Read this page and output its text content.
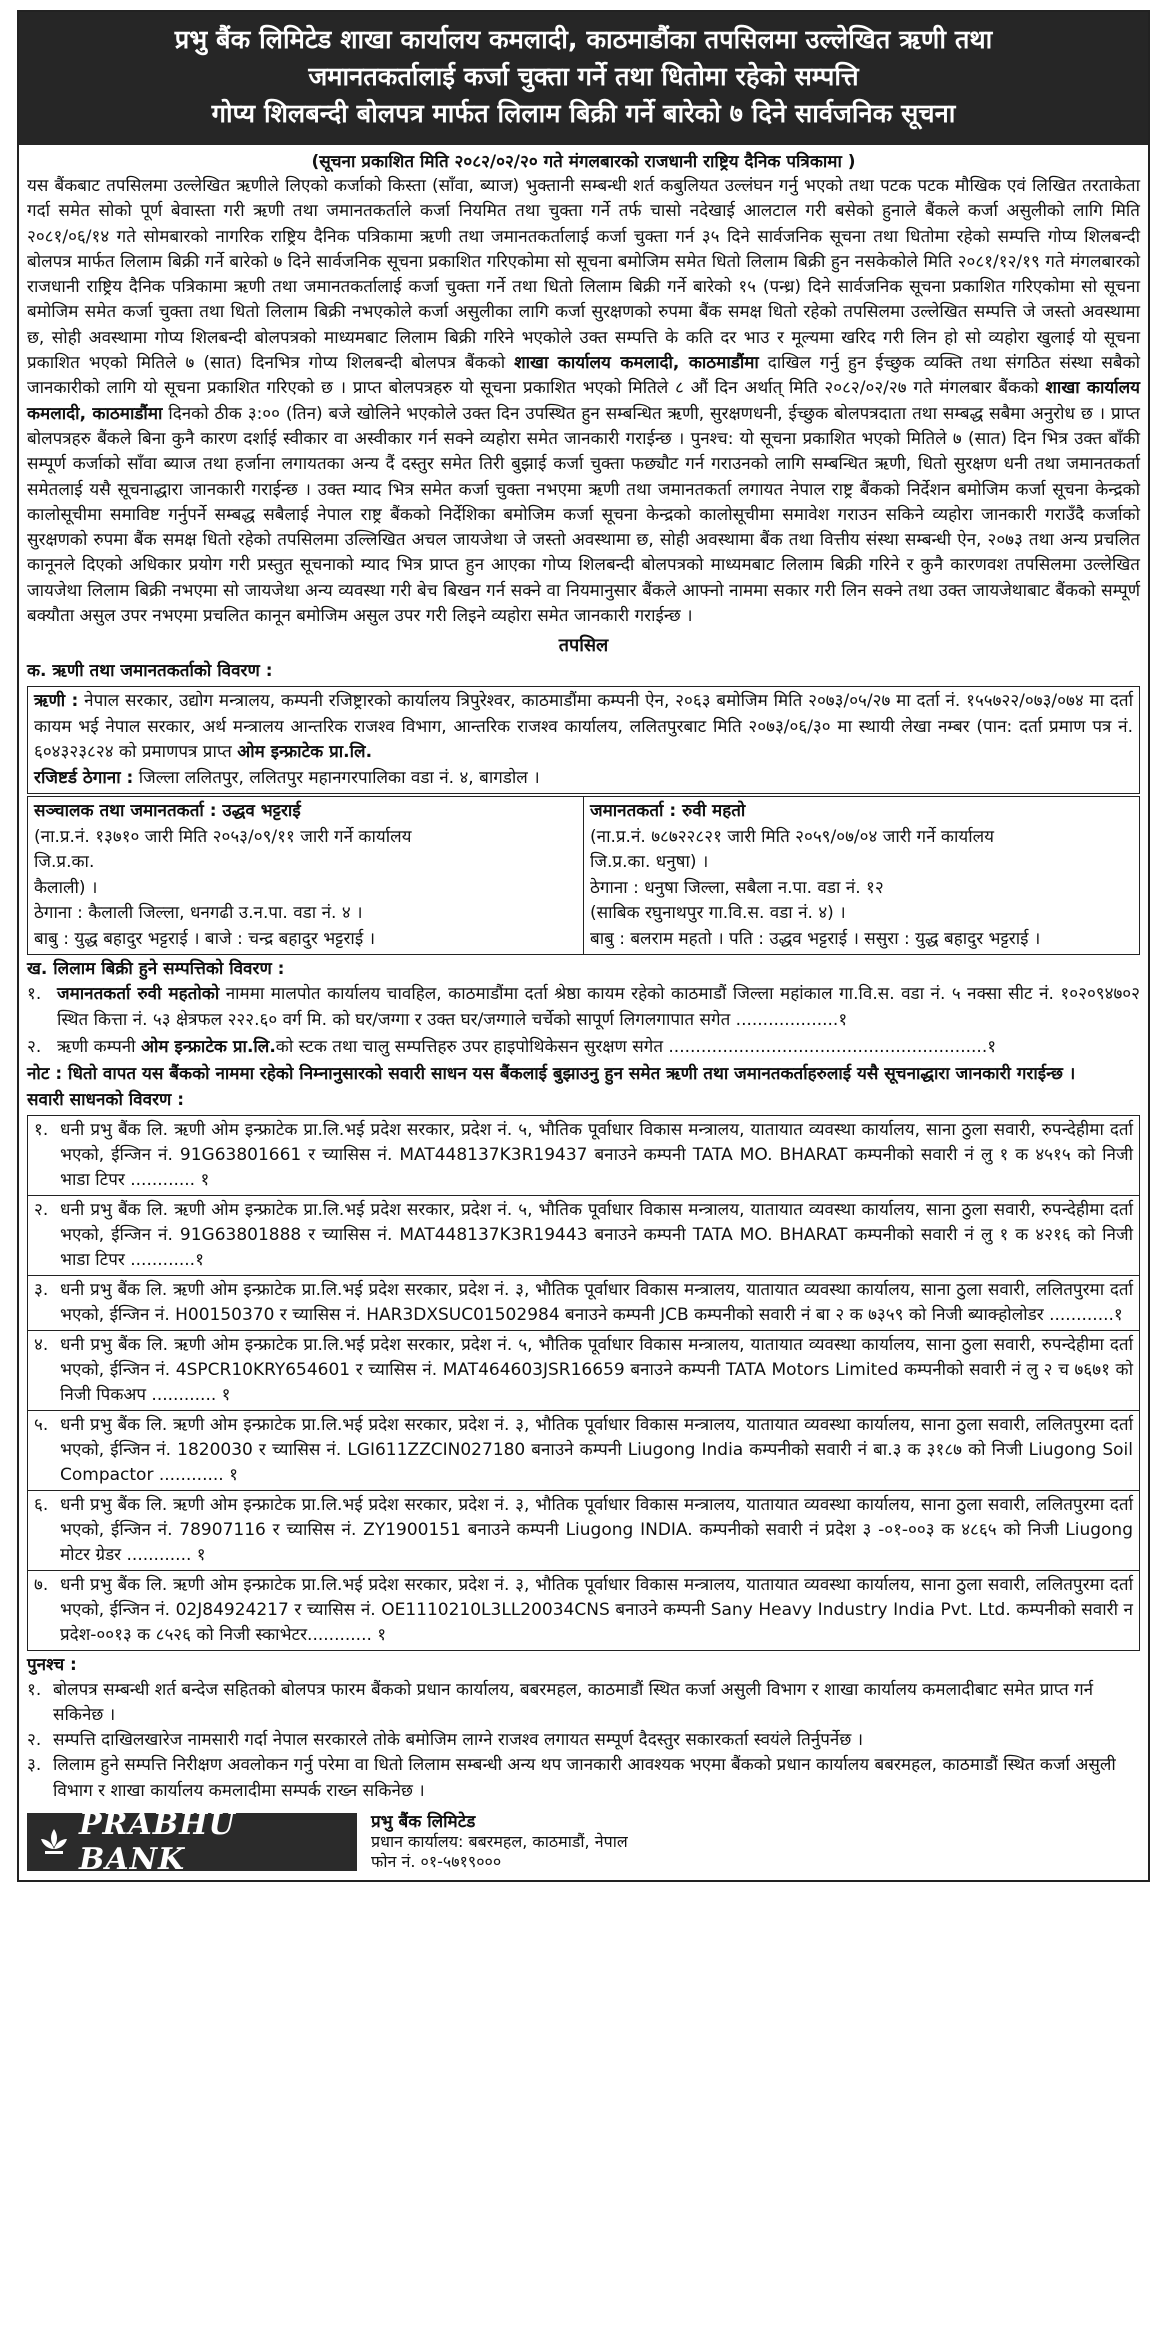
प्रभु बैंक लिमिटेड शाखा कार्यालय कमलादी, काठमाडौंका तपसिलमा उल्लेखित ऋणी तथा
जमानतकर्तालाई कर्जा चुक्ता गर्ने तथा धितोमा रहेको सम्पत्ति
गोप्य शिलबन्दी बोलपत्र मार्फत लिलाम बिक्री गर्ने बारेको ७ दिने सार्वजनिक सूचना
(सूचना प्रकाशित मिति २०८२/०२/२० गते मंगलबारको राजधानी राष्ट्रिय दैनिक पत्रिकामा )
यस बैंकबाट तपसिलमा उल्लेखित ऋणीले लिएको कर्जाको किस्ता (साँवा, ब्याज) भुक्तानी सम्बन्धी शर्त कबुलियत उल्लंघन गर्नु भएको तथा पटक पटक मौखिक एवं लिखित तरताकेता गर्दा समेत सोको पूर्ण बेवास्ता गरी ऋणी तथा जमानतकर्ताले कर्जा नियमित तथा चुक्ता गर्ने तर्फ चासो नदेखाई आलटाल गरी बसेको हुनाले बैंकले कर्जा असुलीको लागि मिति २०८१/०६/१४ गते सोमबारको नागरिक राष्ट्रिय दैनिक पत्रिकामा ऋणी तथा जमानतकर्तालाई कर्जा चुक्ता गर्न ३५ दिने सार्वजनिक सूचना तथा धितोमा रहेको सम्पत्ति गोप्य शिलबन्दी बोलपत्र मार्फत लिलाम बिक्री गर्ने बारेको ७ दिने सार्वजनिक सूचना प्रकाशित गरिएकोमा सो सूचना बमोजिम समेत धितो लिलाम बिक्री हुन नसकेकोले मिति २०८१/१२/१९ गते मंगलबारको राजधानी राष्ट्रिय दैनिक पत्रिकामा ऋणी तथा जमानतकर्तालाई कर्जा चुक्ता गर्ने तथा धितो लिलाम बिक्री गर्ने बारेको १५ (पन्ध्र) दिने सार्वजनिक सूचना प्रकाशित गरिएकोमा सो सूचना बमोजिम समेत कर्जा चुक्ता तथा धितो लिलाम बिक्री नभएकोले कर्जा असुलीका लागि कर्जा सुरक्षणको रुपमा बैंक समक्ष धितो रहेको तपसिलमा उल्लेखित सम्पत्ति जे जस्तो अवस्थामा छ, सोही अवस्थामा गोप्य शिलबन्दी बोलपत्रको माध्यमबाट लिलाम बिक्री गरिने भएकोले उक्त सम्पत्ति के कति दर भाउ र मूल्यमा खरिद गरी लिन हो सो व्यहोरा खुलाई यो सूचना प्रकाशित भएको मितिले ७ (सात) दिनभित्र गोप्य शिलबन्दी बोलपत्र बैंकको शाखा कार्यालय कमलादी, काठमाडौंमा दाखिल गर्नु हुन ईच्छुक व्यक्ति तथा संगठित संस्था सबैको जानकारीको लागि यो सूचना प्रकाशित गरिएको छ । प्राप्त बोलपत्रहरु यो सूचना प्रकाशित भएको मितिले ८ औं दिन अर्थात् मिति २०८२/०२/२७ गते मंगलबार बैंकको शाखा कार्यालय कमलादी, काठमाडौंमा दिनको ठीक ३:०० (तिन) बजे खोलिने भएकोले उक्त दिन उपस्थित हुन सम्बन्धित ऋणी, सुरक्षणधनी, ईच्छुक बोलपत्रदाता तथा सम्बद्ध सबैमा अनुरोध छ । प्राप्त बोलपत्रहरु बैंकले बिना कुनै कारण दर्शाई स्वीकार वा अस्वीकार गर्न सक्ने व्यहोरा समेत जानकारी गराईन्छ । पुनश्च: यो सूचना प्रकाशित भएको मितिले ७ (सात) दिन भित्र उक्त बाँकी सम्पूर्ण कर्जाको साँवा ब्याज तथा हर्जाना लगायतका अन्य दैं दस्तुर समेत तिरी बुझाई कर्जा चुक्ता फछ्यौट गर्न गराउनको लागि सम्बन्धित ऋणी, धितो सुरक्षण धनी तथा जमानतकर्ता समेतलाई यसै सूचनाद्धारा जानकारी गराईन्छ । उक्त म्याद भित्र समेत कर्जा चुक्ता नभएमा ऋणी तथा जमानतकर्ता लगायत नेपाल राष्ट्र बैंकको निर्देशन बमोजिम कर्जा सूचना केन्द्रको कालोसूचीमा समाविष्ट गर्नुपर्ने सम्बद्ध सबैलाई नेपाल राष्ट्र बैंकको निर्देशिका बमोजिम कर्जा सूचना केन्द्रको कालोसूचीमा समावेश गराउन सकिने व्यहोरा जानकारी गराउँदै कर्जाको सुरक्षणको रुपमा बैंक समक्ष धितो रहेको तपसिलमा उल्लिखित अचल जायजेथा जे जस्तो अवस्थामा छ, सोही अवस्थामा बैंक तथा वित्तीय संस्था सम्बन्धी ऐन, २०७३ तथा अन्य प्रचलित कानूनले दिएको अधिकार प्रयोग गरी प्रस्तुत सूचनाको म्याद भित्र प्राप्त हुन आएका गोप्य शिलबन्दी बोलपत्रको माध्यमबाट लिलाम बिक्री गरिने र कुनै कारणवश तपसिलमा उल्लेखित जायजेथा लिलाम बिक्री नभएमा सो जायजेथा अन्य व्यवस्था गरी बेच बिखन गर्न सक्ने वा नियमानुसार बैंकले आफ्नो नाममा सकार गरी लिन सक्ने तथा उक्त जायजेथाबाट बैंकको सम्पूर्ण बक्यौता असुल उपर नभएमा प्रचलित कानून बमोजिम असुल उपर गरी लिइने व्यहोरा समेत जानकारी गराईन्छ ।
तपसिल
क. ऋणी तथा जमानतकर्ताको विवरण :
ऋणी : नेपाल सरकार, उद्योग मन्त्रालय, कम्पनी रजिष्ट्रारको कार्यालय त्रिपुरेश्वर, काठमाडौंमा कम्पनी ऐन, २०६३ बमोजिम मिति २०७३/०५/२७ मा दर्ता नं. १५५७२२/०७३/०७४ मा दर्ता कायम भई नेपाल सरकार, अर्थ मन्त्रालय आन्तरिक राजश्व विभाग, आन्तरिक राजश्व कार्यालय, ललितपुरबाट मिति २०७३/०६/३० मा स्थायी लेखा नम्बर (पान: दर्ता प्रमाण पत्र नं. ६०४३२३८२४ को प्रमाणपत्र प्राप्त ओम इन्फ्राटेक प्रा.लि.
रजिष्टर्ड ठेगाना : जिल्ला ललितपुर, ललितपुर महानगरपालिका वडा नं. ४, बागडोल ।
सञ्चालक तथा जमानतकर्ता : उद्धव भट्टराई
(ना.प्र.नं. १३७१० जारी मिति २०५३/०९/११ जारी गर्ने कार्यालय
जि.प्र.का.
कैलाली) ।
ठेगाना : कैलाली जिल्ला, धनगढी उ.न.पा. वडा नं. ४ ।
बाबु : युद्ध बहादुर भट्टराई । बाजे : चन्द्र बहादुर भट्टराई ।
जमानतकर्ता : रुवी महतो
(ना.प्र.नं. ७८७२२८२१ जारी मिति २०५९/०७/०४ जारी गर्ने कार्यालय
जि.प्र.का. धनुषा) ।
ठेगाना : धनुषा जिल्ला, सबैला न.पा. वडा नं. १२
(साबिक रघुनाथपुर गा.वि.स. वडा नं. ४) ।
बाबु : बलराम महतो । पति : उद्धव भट्टराई । ससुरा : युद्ध बहादुर भट्टराई ।
ख. लिलाम बिक्री हुने सम्पत्तिको विवरण :
१. जमानतकर्ता रुवी महतोको नाममा मालपोत कार्यालय चावहिल, काठमाडौंमा दर्ता श्रेष्ठा कायम रहेको काठमाडौं जिल्ला महांकाल गा.वि.स. वडा नं. ५ नक्सा सीट नं. १०२०९४७०२ स्थित कित्ता नं. ५३ क्षेत्रफल २२२.६० वर्ग मि. को घर/जग्गा र उक्त घर/जग्गाले चर्चेको सापूर्ण लिगलगापात सगेत ...................१
२. ऋणी कम्पनी ओम इन्फ्राटेक प्रा.लि.को स्टक तथा चालु सम्पत्तिहरु उपर हाइपोथिकेसन सुरक्षण सगेत ...........................................................१
नोट : धितो वापत यस बैंकको नाममा रहेको निम्नानुसारको सवारी साधन यस बैंकलाई बुझाउनु हुन समेत ऋणी तथा जमानतकर्ताहरुलाई यसै सूचनाद्धारा जानकारी गराईन्छ ।
सवारी साधनको विवरण :
१. धनी प्रभु बैंक लि. ऋणी ओम इन्फ्राटेक प्रा.लि.भई प्रदेश सरकार, प्रदेश नं. ५, भौतिक पूर्वाधार विकास मन्त्रालय, यातायात व्यवस्था कार्यालय, साना ठुला सवारी, रुपन्देहीमा दर्ता भएको, ईन्जिन नं. 91G63801661 र च्यासिस नं. MAT448137K3R19437 बनाउने कम्पनी TATA MO. BHARAT कम्पनीको सवारी नं लु १ क ४५१५ को निजी भाडा टिपर ............ १
२. धनी प्रभु बैंक लि. ऋणी ओम इन्फ्राटेक प्रा.लि.भई प्रदेश सरकार, प्रदेश नं. ५, भौतिक पूर्वाधार विकास मन्त्रालय, यातायात व्यवस्था कार्यालय, साना ठुला सवारी, रुपन्देहीमा दर्ता भएको, ईन्जिन नं. 91G63801888 र च्यासिस नं. MAT448137K3R19443 बनाउने कम्पनी TATA MO. BHARAT कम्पनीको सवारी नं लु १ क ४२१६ को निजी भाडा टिपर ............१
३. धनी प्रभु बैंक लि. ऋणी ओम इन्फ्राटेक प्रा.लि.भई प्रदेश सरकार, प्रदेश नं. ३, भौतिक पूर्वाधार विकास मन्त्रालय, यातायात व्यवस्था कार्यालय, साना ठुला सवारी, ललितपुरमा दर्ता भएको, ईन्जिन नं. H00150370 र च्यासिस नं. HAR3DXSUC01502984 बनाउने कम्पनी JCB कम्पनीको सवारी नं बा २ क ७३५९ को निजी ब्याक्होलोडर ............१
४. धनी प्रभु बैंक लि. ऋणी ओम इन्फ्राटेक प्रा.लि.भई प्रदेश सरकार, प्रदेश नं. ५, भौतिक पूर्वाधार विकास मन्त्रालय, यातायात व्यवस्था कार्यालय, साना ठुला सवारी, रुपन्देहीमा दर्ता भएको, ईन्जिन नं. 4SPCR10KRY654601 र च्यासिस नं. MAT464603JSR16659 बनाउने कम्पनी TATA Motors Limited कम्पनीको सवारी नं लु २ च ७६७१ को निजी पिकअप ............ १
५. धनी प्रभु बैंक लि. ऋणी ओम इन्फ्राटेक प्रा.लि.भई प्रदेश सरकार, प्रदेश नं. ३, भौतिक पूर्वाधार विकास मन्त्रालय, यातायात व्यवस्था कार्यालय, साना ठुला सवारी, ललितपुरमा दर्ता भएको, ईन्जिन नं. 1820030 र च्यासिस नं. LGI611ZZCIN027180 बनाउने कम्पनी Liugong India कम्पनीको सवारी नं बा.३ क ३१८७ को निजी Liugong Soil Compactor ............ १
६. धनी प्रभु बैंक लि. ऋणी ओम इन्फ्राटेक प्रा.लि.भई प्रदेश सरकार, प्रदेश नं. ३, भौतिक पूर्वाधार विकास मन्त्रालय, यातायात व्यवस्था कार्यालय, साना ठुला सवारी, ललितपुरमा दर्ता भएको, ईन्जिन नं. 78907116 र च्यासिस नं. ZY1900151 बनाउने कम्पनी Liugong INDIA. कम्पनीको सवारी नं प्रदेश ३ -०१-००३ क ४८६५ को निजी Liugong मोटर ग्रेडर ............ १
७. धनी प्रभु बैंक लि. ऋणी ओम इन्फ्राटेक प्रा.लि.भई प्रदेश सरकार, प्रदेश नं. ३, भौतिक पूर्वाधार विकास मन्त्रालय, यातायात व्यवस्था कार्यालय, साना ठुला सवारी, ललितपुरमा दर्ता भएको, ईन्जिन नं. 02J84924217 र च्यासिस नं. OE1110210L3LL20034CNS बनाउने कम्पनी Sany Heavy Industry India Pvt. Ltd. कम्पनीको सवारी न प्रदेश-००१३ क ८५२६ को निजी स्काभेटर............ १
पुनश्च :
१. बोलपत्र सम्बन्धी शर्त बन्देज सहितको बोलपत्र फारम बैंकको प्रधान कार्यालय, बबरमहल, काठमाडौं स्थित कर्जा असुली विभाग र शाखा कार्यालय कमलादीबाट समेत प्राप्त गर्न सकिनेछ ।
२. सम्पत्ति दाखिलखारेज नामसारी गर्दा नेपाल सरकारले तोके बमोजिम लाग्ने राजश्व लगायत सम्पूर्ण दैदस्तुर सकारकर्ता स्वयंले तिर्नुपर्नेछ ।
३. लिलाम हुने सम्पत्ति निरीक्षण अवलोकन गर्नु परेमा वा धितो लिलाम सम्बन्धी अन्य थप जानकारी आवश्यक भएमा बैंकको प्रधान कार्यालय बबरमहल, काठमाडौं स्थित कर्जा असुली विभाग र शाखा कार्यालय कमलादीमा सम्पर्क राख्न सकिनेछ ।
PRABHU BANK
प्रभु बैंक लिमिटेड
प्रधान कार्यालय: बबरमहल, काठमाडौं, नेपाल
फोन नं. ०१-५७१९०००
